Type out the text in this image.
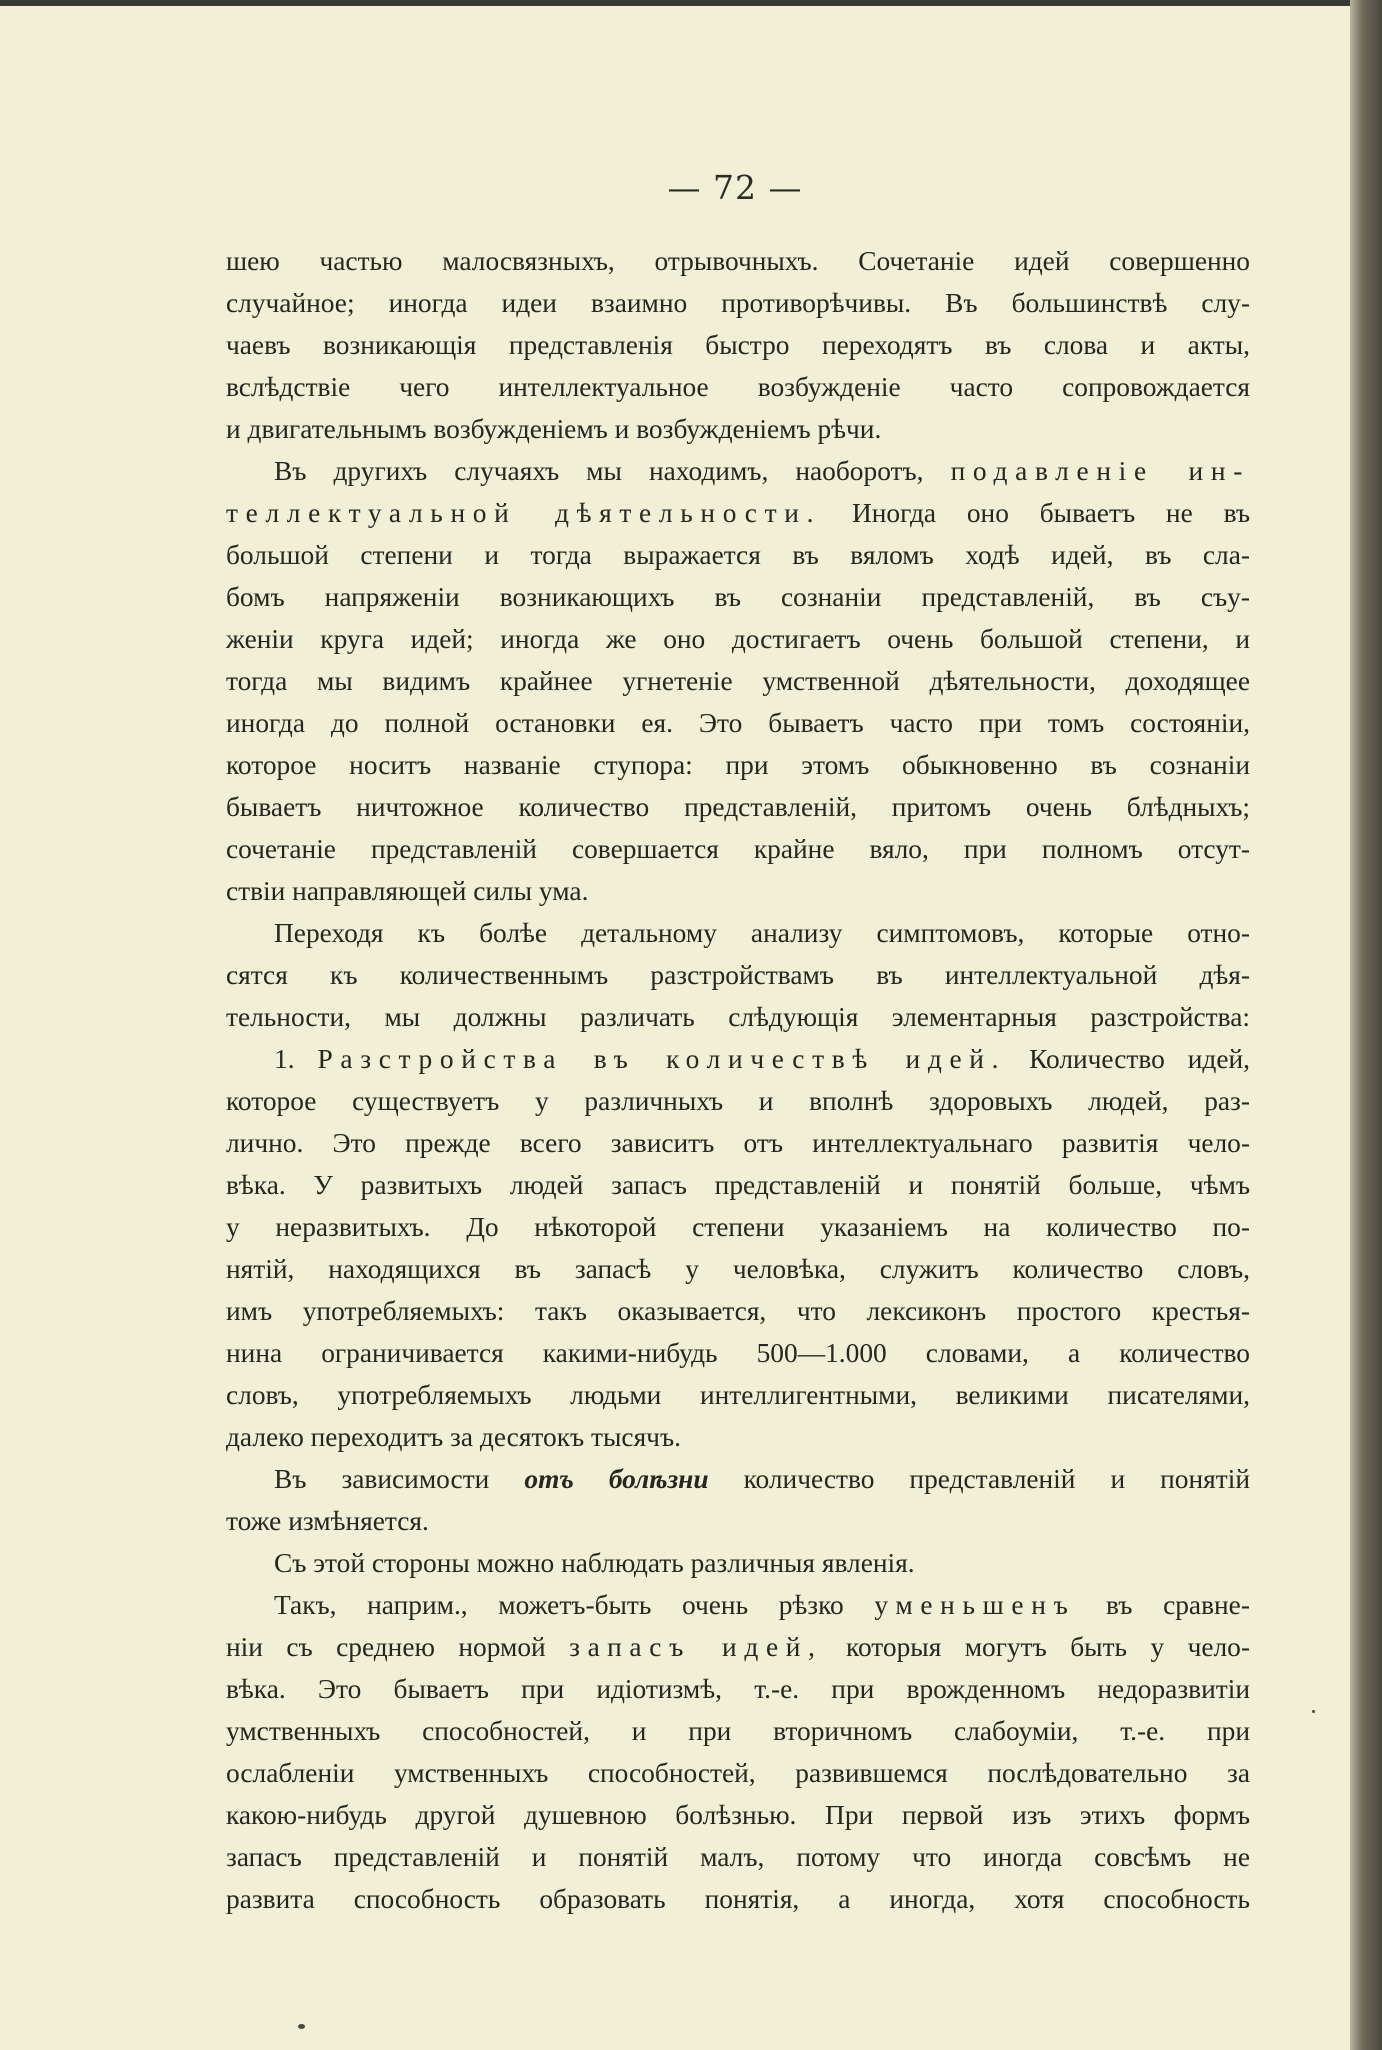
— 72 —

шею частью малосвязныхъ, отрывочныхъ. Сочетаніе идей совершенно

случайное; иногда идеи взаимно противорѣчивы. Въ большинствѣ слу-

чаевъ возникающія представленія быстро переходятъ въ слова и акты,

вслѣдствіе чего интеллектуальное возбужденіе часто сопровождается

и двигательнымъ возбужденіемъ и возбужденіемъ рѣчи.

Въ другихъ случаяхъ мы находимъ, наоборотъ, подавленіе ин-

теллектуальной дѣятельности. Иногда оно бываетъ не въ

большой степени и тогда выражается въ вяломъ ходѣ идей, въ сла-

бомъ напряженіи возникающихъ въ сознаніи представленій, въ съу-

женіи круга идей; иногда же оно достигаетъ очень большой степени, и

тогда мы видимъ крайнее угнетеніе умственной дѣятельности, доходящее

иногда до полной остановки ея. Это бываетъ часто при томъ состояніи,

которое носитъ названіе ступора: при этомъ обыкновенно въ сознаніи

бываетъ ничтожное количество представленій, притомъ очень блѣдныхъ;

сочетаніе представленій совершается крайне вяло, при полномъ отсут-

ствіи направляющей силы ума.

Переходя къ болѣе детальному анализу симптомовъ, которые отно-

сятся къ количественнымъ разстройствамъ въ интеллектуальной дѣя-

тельности, мы должны различать слѣдующія элементарныя разстройства:

1. Разстройства въ количествѣ идей. Количество идей,

которое существуетъ у различныхъ и вполнѣ здоровыхъ людей, раз-

лично. Это прежде всего зависитъ отъ интеллектуальнаго развитія чело-

вѣка. У развитыхъ людей запасъ представленій и понятій больше, чѣмъ

у неразвитыхъ. До нѣкоторой степени указаніемъ на количество по-

нятій, находящихся въ запасѣ у человѣка, служитъ количество словъ,

имъ употребляемыхъ: такъ оказывается, что лексиконъ простого крестья-

нина ограничивается какими-нибудь 500—1.000 словами, а количество

словъ, употребляемыхъ людьми интеллигентными, великими писателями,

далеко переходитъ за десятокъ тысячъ.

Въ зависимости отъ болѣзни количество представленій и понятій

тоже измѣняется.

Съ этой стороны можно наблюдать различныя явленія.

Такъ, наприм., можетъ-быть очень рѣзко уменьшенъ въ сравне-

ніи съ среднею нормой запасъ идей, которыя могутъ быть у чело-

вѣка. Это бываетъ при идіотизмѣ, т.-е. при врожденномъ недоразвитіи

умственныхъ способностей, и при вторичномъ слабоуміи, т.-е. при

ослабленіи умственныхъ способностей, развившемся послѣдовательно за

какою-нибудь другой душевною болѣзнью. При первой изъ этихъ формъ

запасъ представленій и понятій малъ, потому что иногда совсѣмъ не

развита способность образовать понятія, а иногда, хотя способность
